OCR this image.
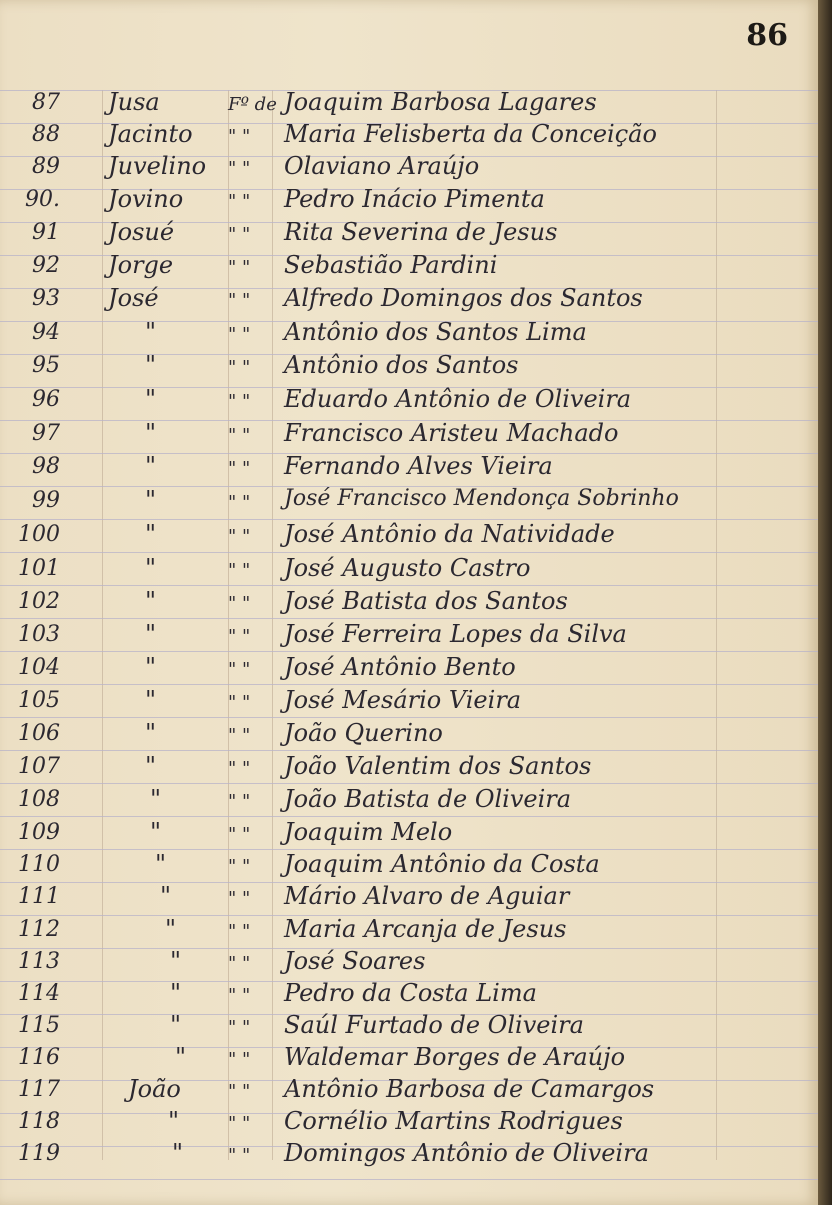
86
87 Jusa	Fº de Joaquim Barbosa Lagares
88 Jacinto " " Maria Felisberta da Conceição
89 Juvelino " " Olaviano Araújo
90. Jovino " " Pedro Inácio Pimenta
91 Josué	" " Rita Severina de Jesus
92 Jorge	" " Sebastião Pardini
93 José	" " Alfredo Domingos dos Santos
94	"	" " Antônio dos Santos Lima
95	"	" " Antônio dos Santos
96	"	" " Eduardo Antônio de Oliveira
97	"	" " Francisco Aristeu Machado
98	"	" " Fernando Alves Vieira
99	"	" " José Francisco Mendonça Sobrinho
100	"	" " José Antônio da Natividade
101	"	" " José Augusto Castro
102	"	" " José Batista dos Santos
103	"	" " José Ferreira Lopes da Silva
104	"	" " José Antônio Bento
105	"	" " José Mesário Vieira
106	"	" " João Querino
107	"	" " João Valentim dos Santos
108	"	" " João Batista de Oliveira
109	"	" " Joaquim Melo
110	"	" " Joaquim Antônio da Costa
111	"	" " Mário Alvaro de Aguiar
112	"	" " Maria Arcanja de Jesus
113	"	" " José Soares
114	"	" " Pedro da Costa Lima
115	"	" " Saúl Furtado de Oliveira
116	" " " Waldemar Borges de Araújo
117	João	" " Antônio Barbosa de Camargos
118	"	" " Cornélio Martins Rodrigues
119	" " " Domingos Antônio de Oliveira
